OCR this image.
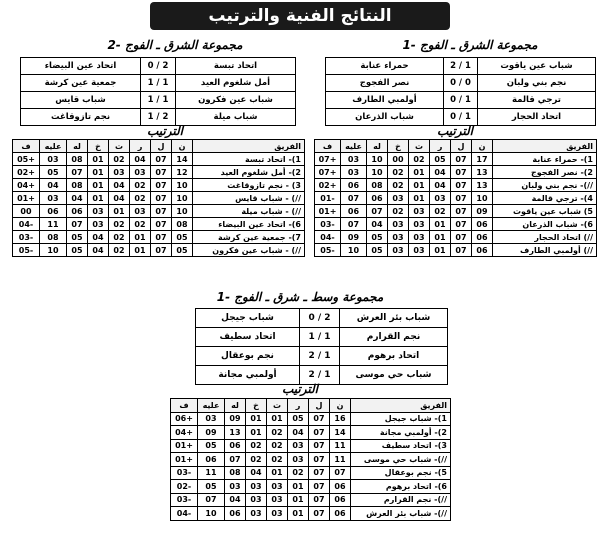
النتائج الفنية والترتيب
مجموعة الشرق ـ الفوج -1
مجموعة الشرق ـ الفوج -2
شباب عين ياقوت	2 / 1	حمراء عنابة
نجم بني ولبان	0 / 0	نصر الفجوج
ترجي قالمة	0 / 1	أولمبي الطارف
اتحاد الحجار	0 / 1	شباب الذرعان
اتحاد تبسة	0 / 2	اتحاد عين البيضاء
أمل شلغوم العيد	1 / 1	جمعية عين كرشة
شباب عين فكرون	1 / 1	شباب قايس
شباب ميلة	1 / 2	نجم تازوقاغت
الترتيب
الترتيب
الفريق	ن	ل	ر	ت	خ	له	عليه	ف
1)- حمراء عنابة	17	07	05	02	00	10	03	07+
2)- نصر الفجوج	13	07	04	01	02	10	03	07+
//)- نجم بني ولبان	13	07	04	01	02	08	06	02+
4)- ترجي قالمة	10	07	03	01	03	06	07	01-
5) شباب عين ياقوت	09	07	02	03	02	07	06	01+
6)- شباب الذرعان	06	07	01	03	03	04	07	03-
//) اتحاد الحجار	06	07	01	03	03	05	09	04-
//) أولمبي الطارف	06	07	01	03	03	05	10	05-
الفريق	ن	ل	ر	ت	خ	له	عليه	ف
1)- اتحاد تبسة	14	07	04	02	01	08	03	05+
2)- أمل شلغوم العيد	12	07	03	03	01	07	05	02+
3) - نجم تازوقاغت	10	07	02	04	01	08	04	04+
//) - شباب قايس	10	07	02	04	01	04	03	01+
//) - شباب ميلة	10	07	03	01	03	06	06	00
6)- اتحاد عين البيضاء	08	07	02	02	03	07	11	04-
7)- جمعية عين كرشة	05	07	01	02	04	05	08	03-
//) - شباب عين فكرون	05	07	01	02	04	05	10	05-
مجموعة وسط ـ شرق ـ الفوج -1
شباب بئر العرش	0 / 2	شباب جيجل
نجم القرارم	1 / 1	اتحاد سطيف
اتحاد برهوم	2 / 1	نجم بوعقال
شباب حي موسى	2 / 1	أولمبي مجانة
الترتيب
الفريق	ن	ل	ر	ت	خ	له	عليه	ف
1)- شباب جيجل	16	07	05	01	01	09	03	06+
2)- أولمبي مجانة	14	07	04	02	01	13	09	04+
3)- اتحاد سطيف	11	07	03	02	02	06	05	01+
//)- شباب حي موسى	11	07	03	02	02	07	06	01+
5)- نجم بوعقال	07	07	02	01	04	08	11	03-
6)- اتحاد برهوم	06	07	01	03	03	03	05	02-
//)- نجم القرارم	06	07	01	03	03	04	07	03-
//)- شباب بئر العرش	06	07	01	03	03	06	10	04-
